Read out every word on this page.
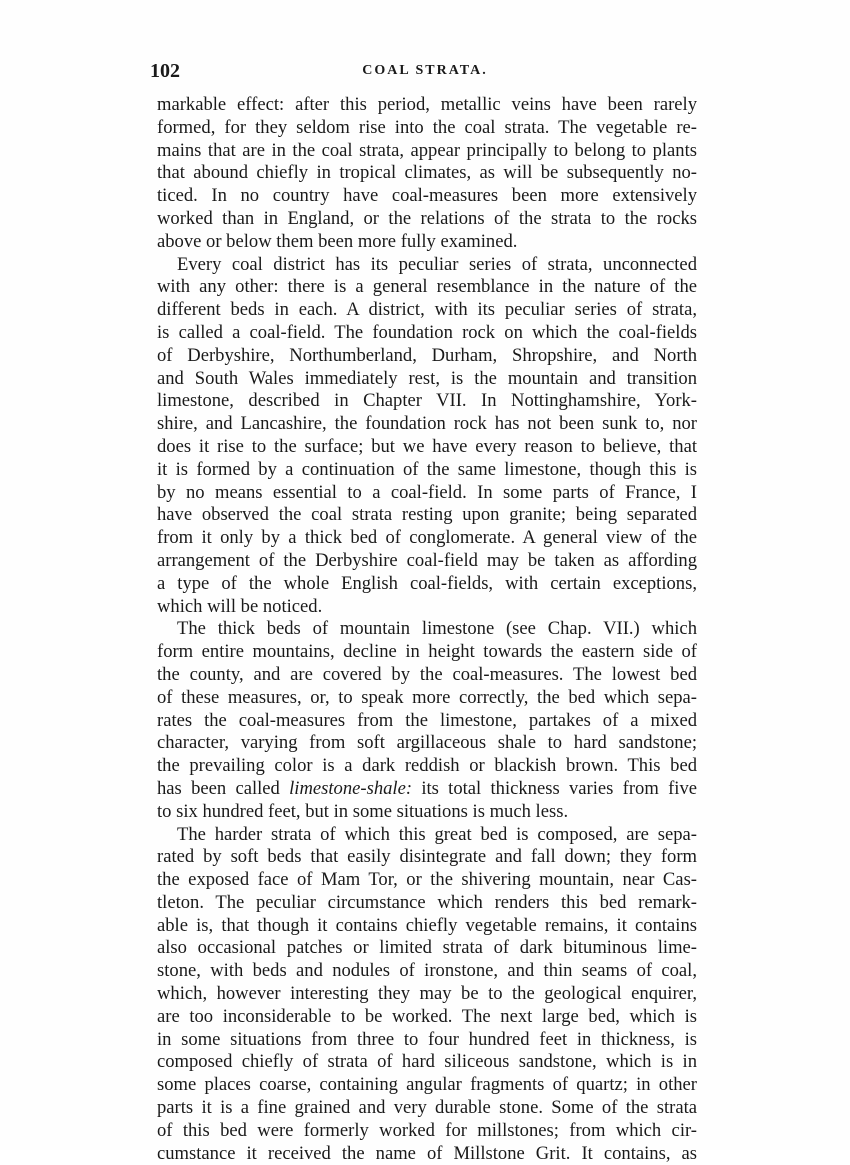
102	COAL STRATA.
markable effect: after this period, metallic veins have been rarely
formed, for they seldom rise into the coal strata. The vegetable re-
mains that are in the coal strata, appear principally to belong to plants
that abound chiefly in tropical climates, as will be subsequently no-
ticed. In no country have coal-measures been more extensively
worked than in England, or the relations of the strata to the rocks
above or below them been more fully examined.
Every coal district has its peculiar series of strata, unconnected
with any other: there is a general resemblance in the nature of the
different beds in each. A district, with its peculiar series of strata,
is called a coal-field. The foundation rock on which the coal-fields
of Derbyshire, Northumberland, Durham, Shropshire, and North
and South Wales immediately rest, is the mountain and transition
limestone, described in Chapter VII. In Nottinghamshire, York-
shire, and Lancashire, the foundation rock has not been sunk to, nor
does it rise to the surface; but we have every reason to believe, that
it is formed by a continuation of the same limestone, though this is
by no means essential to a coal-field. In some parts of France, I
have observed the coal strata resting upon granite; being separated
from it only by a thick bed of conglomerate. A general view of the
arrangement of the Derbyshire coal-field may be taken as affording
a type of the whole English coal-fields, with certain exceptions,
which will be noticed.
The thick beds of mountain limestone (see Chap. VII.) which
form entire mountains, decline in height towards the eastern side of
the county, and are covered by the coal-measures. The lowest bed
of these measures, or, to speak more correctly, the bed which sepa-
rates the coal-measures from the limestone, partakes of a mixed
character, varying from soft argillaceous shale to hard sandstone;
the prevailing color is a dark reddish or blackish brown. This bed
has been called limestone-shale: its total thickness varies from five
to six hundred feet, but in some situations is much less.
The harder strata of which this great bed is composed, are sepa-
rated by soft beds that easily disintegrate and fall down; they form
the exposed face of Mam Tor, or the shivering mountain, near Cas-
tleton. The peculiar circumstance which renders this bed remark-
able is, that though it contains chiefly vegetable remains, it contains
also occasional patches or limited strata of dark bituminous lime-
stone, with beds and nodules of ironstone, and thin seams of coal,
which, however interesting they may be to the geological enquirer,
are too inconsiderable to be worked. The next large bed, which is
in some situations from three to four hundred feet in thickness, is
composed chiefly of strata of hard siliceous sandstone, which is in
some places coarse, containing angular fragments of quartz; in other
parts it is a fine grained and very durable stone. Some of the strata
of this bed were formerly worked for millstones; from which cir-
cumstance it received the name of Millstone Grit. It contains, as
